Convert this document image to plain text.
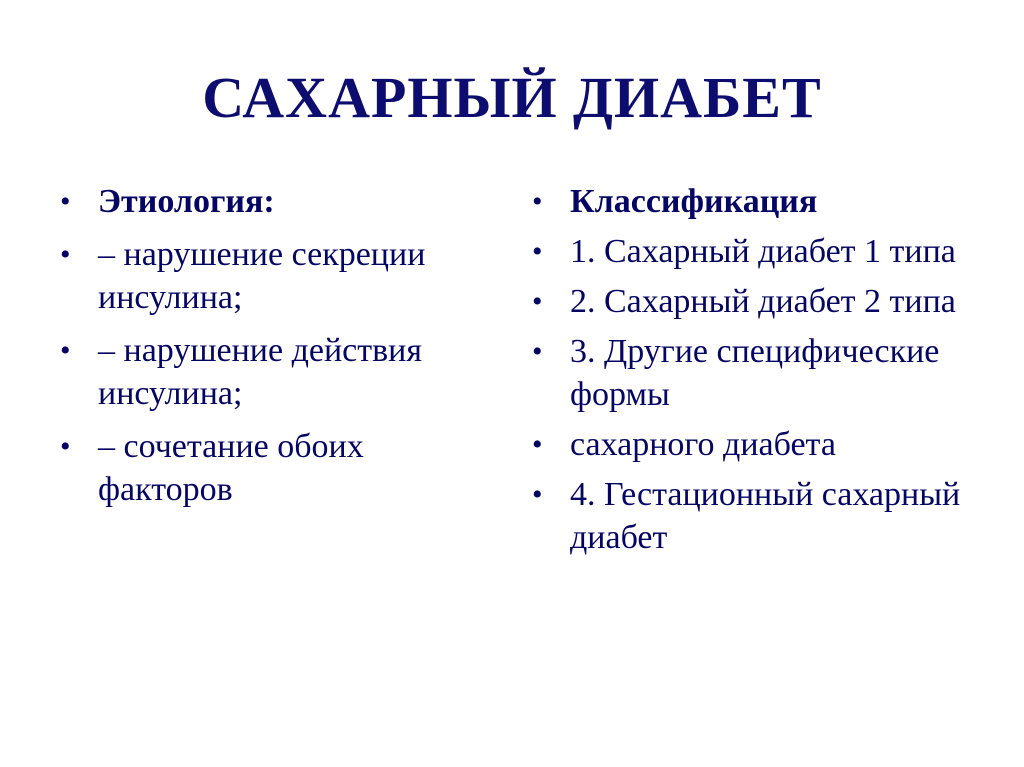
САХАРНЫЙ ДИАБЕТ
• Этиология:
• – нарушение секреции инсулина;
• – нарушение действия инсулина;
• – сочетание обоих факторов
• Классификация
• 1. Сахарный диабет 1 типа
• 2. Сахарный диабет 2 типа
• 3. Другие специфические формы
• сахарного диабета
• 4. Гестационный сахарный диабет
